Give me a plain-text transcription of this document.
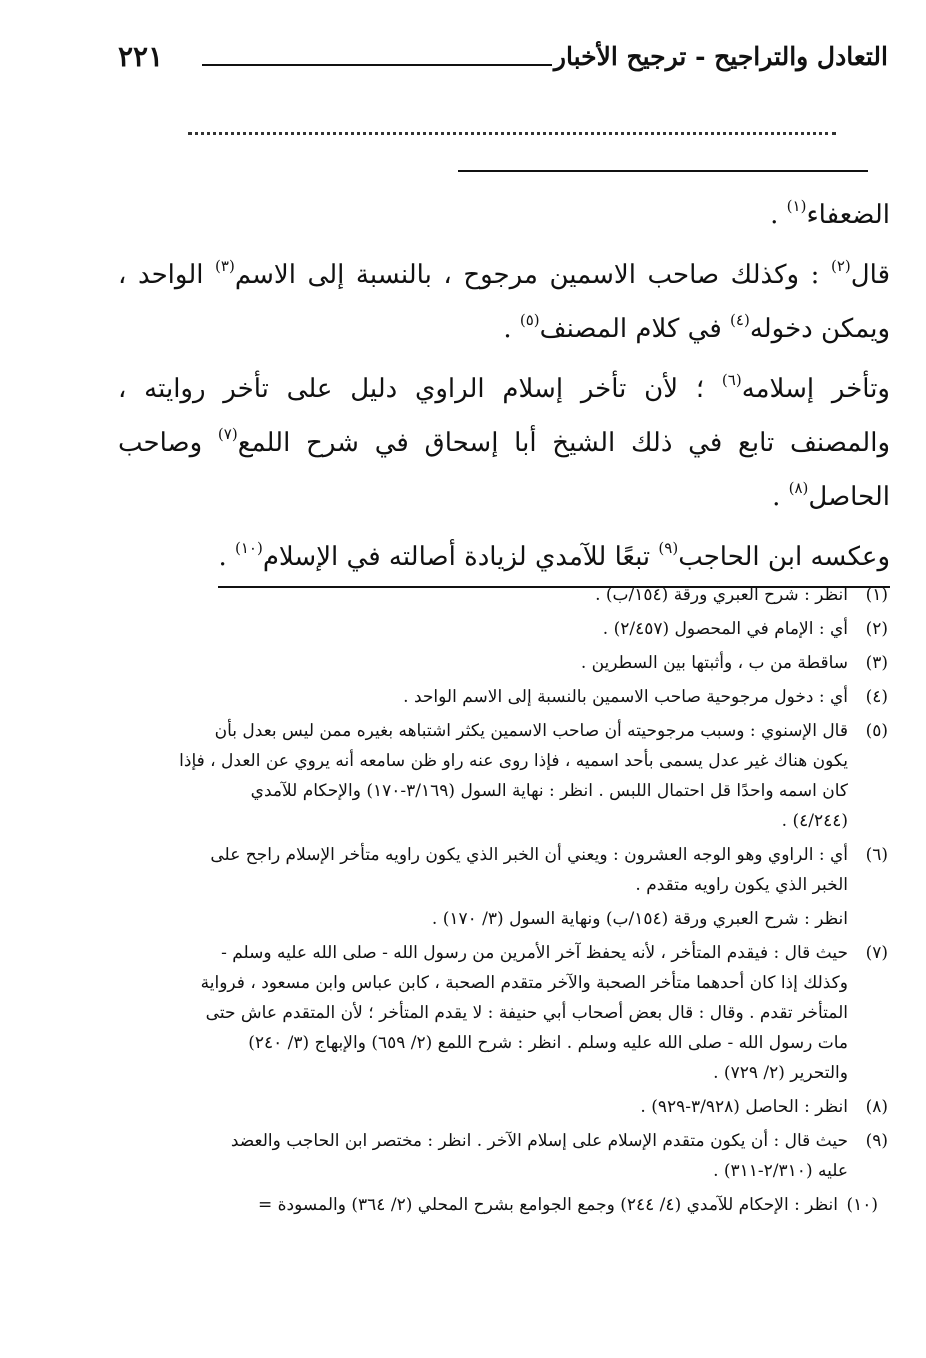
التعادل والتراجيح - ترجيح الأخبار
٢٢١

الضعفاء$^{(١)}$ .

قال$^{(٢)}$ : وكذلك صاحب الاسمين مرجوح ، بالنسبة إلى الاسم$^{(٣)}$ الواحد ، ويمكن دخوله$^{(٤)}$ في كلام المصنف$^{(٥)}$ .

وتأخر إسلامه$^{(٦)}$ ؛ لأن تأخر إسلام الراوي دليل على تأخر روايته ، والمصنف تابع في ذلك الشيخ أبا إسحاق في شرح اللمع$^{(٧)}$ وصاحب الحاصل$^{(٨)}$ .

وعكسه ابن الحاجب$^{(٩)}$ تبعًا للآمدي لزيادة أصالته في الإسلام$^{(١٠)}$ .

(١)
انظر : شرح العبري ورقة (١٥٤/ب) .
(٢)
أي : الإمام في المحصول (٢/٤٥٧) .
(٣)
ساقطة من ب ، وأثبتها بين السطرين .
(٤)
أي : دخول مرجوحية صاحب الاسمين بالنسبة إلى الاسم الواحد .
(٥)
قال الإسنوي : وسبب مرجوحيته أن صاحب الاسمين يكثر اشتباهه بغيره ممن ليس بعدل بأن
يكون هناك غير عدل يسمى بأحد اسميه ، فإذا روى عنه راو ظن سامعه أنه يروي عن العدل ، فإذا
كان اسمه واحدًا قل احتمال اللبس . انظر : نهاية السول (٣/١٦٩-١٧٠) والإحكام للآمدي
(٤/٢٤٤) .
(٦)
أي : الراوي وهو الوجه العشرون : ويعني أن الخبر الذي يكون راويه متأخر الإسلام راجح على
الخبر الذي يكون راويه متقدم .
انظر : شرح العبري ورقة (١٥٤/ب) ونهاية السول (٣/ ١٧٠) .
(٧)
حيث قال : فيقدم المتأخر ، لأنه يحفظ آخر الأمرين من رسول الله - صلى الله عليه وسلم -
وكذلك إذا كان أحدهما متأخر الصحبة والآخر متقدم الصحبة ، كابن عباس وابن مسعود ، فرواية
المتأخر تقدم . وقال : قال بعض أصحاب أبي حنيفة : لا يقدم المتأخر ؛ لأن المتقدم عاش حتى
مات رسول الله - صلى الله عليه وسلم . انظر : شرح اللمع (٢/ ٦٥٩) والإبهاج (٣/ ٢٤٠)
والتحرير (٢/ ٧٢٩) .
(٨)
انظر : الحاصل (٣/٩٢٨-٩٢٩) .
(٩)
حيث قال : أن يكون متقدم الإسلام على إسلام الآخر . انظر : مختصر ابن الحاجب والعضد
عليه (٢/٣١٠-٣١١) .
(١٠)
انظر : الإحكام للآمدي (٤/ ٢٤٤) وجمع الجوامع بشرح المحلي (٢/ ٣٦٤) والمسودة =
